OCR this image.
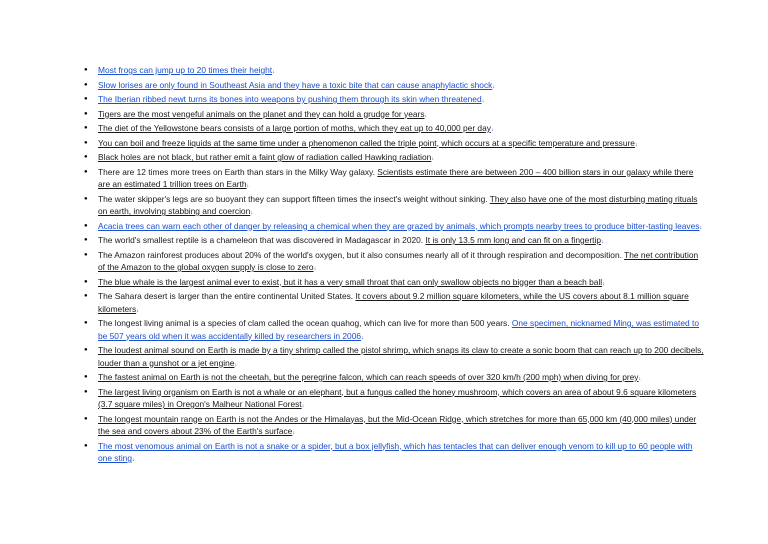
● Most frogs can jump up to 20 times their height↓
● Slow lorises are only found in Southeast Asia and they have a toxic bite that can cause anaphylactic shock↓
● The Iberian ribbed newt turns its bones into weapons by pushing them through its skin when threatened↓
● Tigers are the most vengeful animals on the planet and they can hold a grudge for years↓
● The diet of the Yellowstone bears consists of a large portion of moths, which they eat up to 40,000 per day↓
● You can boil and freeze liquids at the same time under a phenomenon called the triple point, which occurs at a specific temperature and pressure↓
● Black holes are not black, but rather emit a faint glow of radiation called Hawking radiation↓
● There are 12 times more trees on Earth than stars in the Milky Way galaxy. Scientists estimate there are between 200 – 400 billion stars in our galaxy while there are an estimated 1 trillion trees on Earth↓
● The water skipper's legs are so buoyant they can support fifteen times the insect's weight without sinking. They also have one of the most disturbing mating rituals on earth, involving stabbing and coercion↓
● Acacia trees can warn each other of danger by releasing a chemical when they are grazed by animals, which prompts nearby trees to produce bitter-tasting leaves↓
● The world's smallest reptile is a chameleon that was discovered in Madagascar in 2020. It is only 13.5 mm long and can fit on a fingertip↓
● The Amazon rainforest produces about 20% of the world's oxygen, but it also consumes nearly all of it through respiration and decomposition. The net contribution of the Amazon to the global oxygen supply is close to zero↓
● The blue whale is the largest animal ever to exist, but it has a very small throat that can only swallow objects no bigger than a beach ball↓
● The Sahara desert is larger than the entire continental United States. It covers about 9.2 million square kilometers, while the US covers about 8.1 million square kilometers↓
● The longest living animal is a species of clam called the ocean quahog, which can live for more than 500 years. One specimen, nicknamed Ming, was estimated to be 507 years old when it was accidentally killed by researchers in 2006↓
● The loudest animal sound on Earth is made by a tiny shrimp called the pistol shrimp, which snaps its claw to create a sonic boom that can reach up to 200 decibels, louder than a gunshot or a jet engine↓
● The fastest animal on Earth is not the cheetah, but the peregrine falcon, which can reach speeds of over 320 km/h (200 mph) when diving for prey↓
● The largest living organism on Earth is not a whale or an elephant, but a fungus called the honey mushroom, which covers an area of about 9.6 square kilometers (3.7 square miles) in Oregon's Malheur National Forest↓
● The longest mountain range on Earth is not the Andes or the Himalayas, but the Mid-Ocean Ridge, which stretches for more than 65,000 km (40,000 miles) under the sea and covers about 23% of the Earth's surface↓
● The most venomous animal on Earth is not a snake or a spider, but a box jellyfish, which has tentacles that can deliver enough venom to kill up to 60 people with one sting↓
